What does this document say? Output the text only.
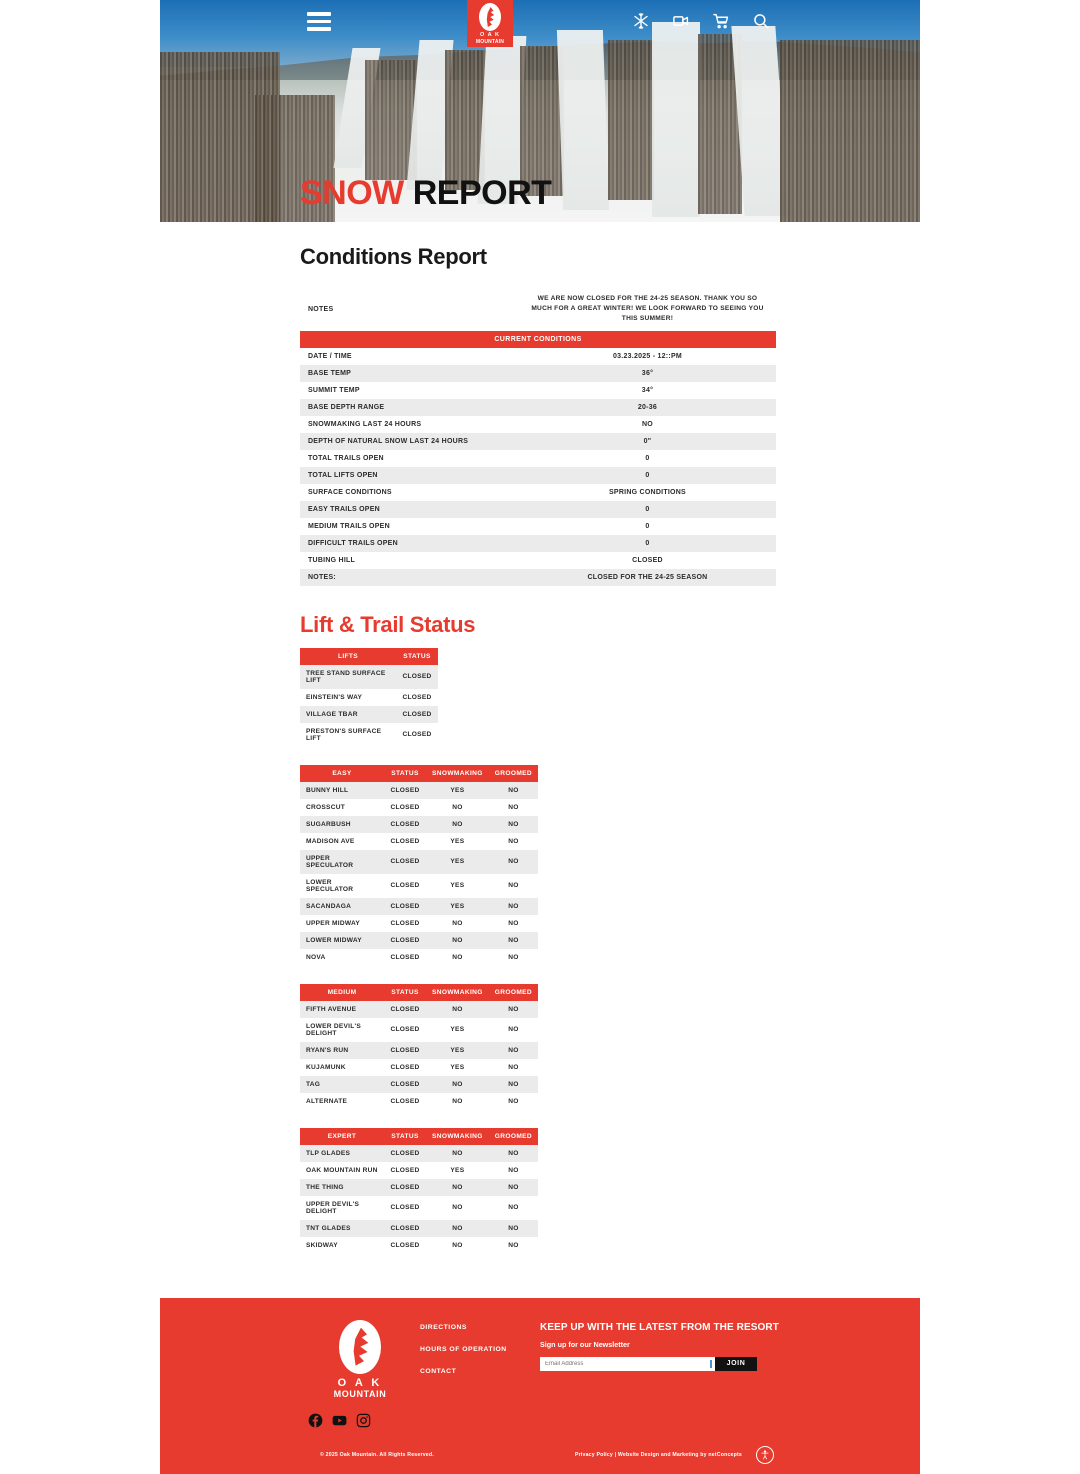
O A K
MOUNTAIN
SNOW REPORT
Conditions Report
NOTES	WE ARE NOW CLOSED FOR THE 24-25 SEASON. THANK YOU SO MUCH FOR A GREAT WINTER! WE LOOK FORWARD TO SEEING YOU THIS SUMMER!
CURRENT CONDITIONS	
DATE / TIME	03.23.2025 - 12::PM
BASE TEMP	36°
SUMMIT TEMP	34°
BASE DEPTH RANGE	20-36
SNOWMAKING LAST 24 HOURS	NO
DEPTH OF NATURAL SNOW LAST 24 HOURS	0"
TOTAL TRAILS OPEN	0
TOTAL LIFTS OPEN	0
SURFACE CONDITIONS	SPRING CONDITIONS
EASY TRAILS OPEN	0
MEDIUM TRAILS OPEN	0
DIFFICULT TRAILS OPEN	0
TUBING HILL	CLOSED
NOTES:	CLOSED FOR THE 24-25 SEASON
Lift & Trail Status
LIFTS	STATUS
TREE STAND SURFACE LIFT	CLOSED
EINSTEIN'S WAY	CLOSED
VILLAGE TBAR	CLOSED
PRESTON'S SURFACE LIFT	CLOSED
EASY	STATUS	SNOWMAKING	GROOMED
BUNNY HILL	CLOSED	YES	NO
CROSSCUT	CLOSED	NO	NO
SUGARBUSH	CLOSED	NO	NO
MADISON AVE	CLOSED	YES	NO
UPPER SPECULATOR	CLOSED	YES	NO
LOWER SPECULATOR	CLOSED	YES	NO
SACANDAGA	CLOSED	YES	NO
UPPER MIDWAY	CLOSED	NO	NO
LOWER MIDWAY	CLOSED	NO	NO
NOVA	CLOSED	NO	NO
MEDIUM	STATUS	SNOWMAKING	GROOMED
FIFTH AVENUE	CLOSED	NO	NO
LOWER DEVIL'S DELIGHT	CLOSED	YES	NO
RYAN'S RUN	CLOSED	YES	NO
KUJAMUNK	CLOSED	YES	NO
TAG	CLOSED	NO	NO
ALTERNATE	CLOSED	NO	NO
EXPERT	STATUS	SNOWMAKING	GROOMED
TLP GLADES	CLOSED	NO	NO
OAK MOUNTAIN RUN	CLOSED	YES	NO
THE THING	CLOSED	NO	NO
UPPER DEVIL'S DELIGHT	CLOSED	NO	NO
TNT GLADES	CLOSED	NO	NO
SKIDWAY	CLOSED	NO	NO
O A K
MOUNTAIN
DIRECTIONS
HOURS OF OPERATION
CONTACT
KEEP UP WITH THE LATEST FROM THE RESORT

Sign up for our Newsletter

Email Address
JOIN
© 2025 Oak Mountain. All Rights Reserved.	Privacy Policy | Website Design and Marketing by netConcepts
